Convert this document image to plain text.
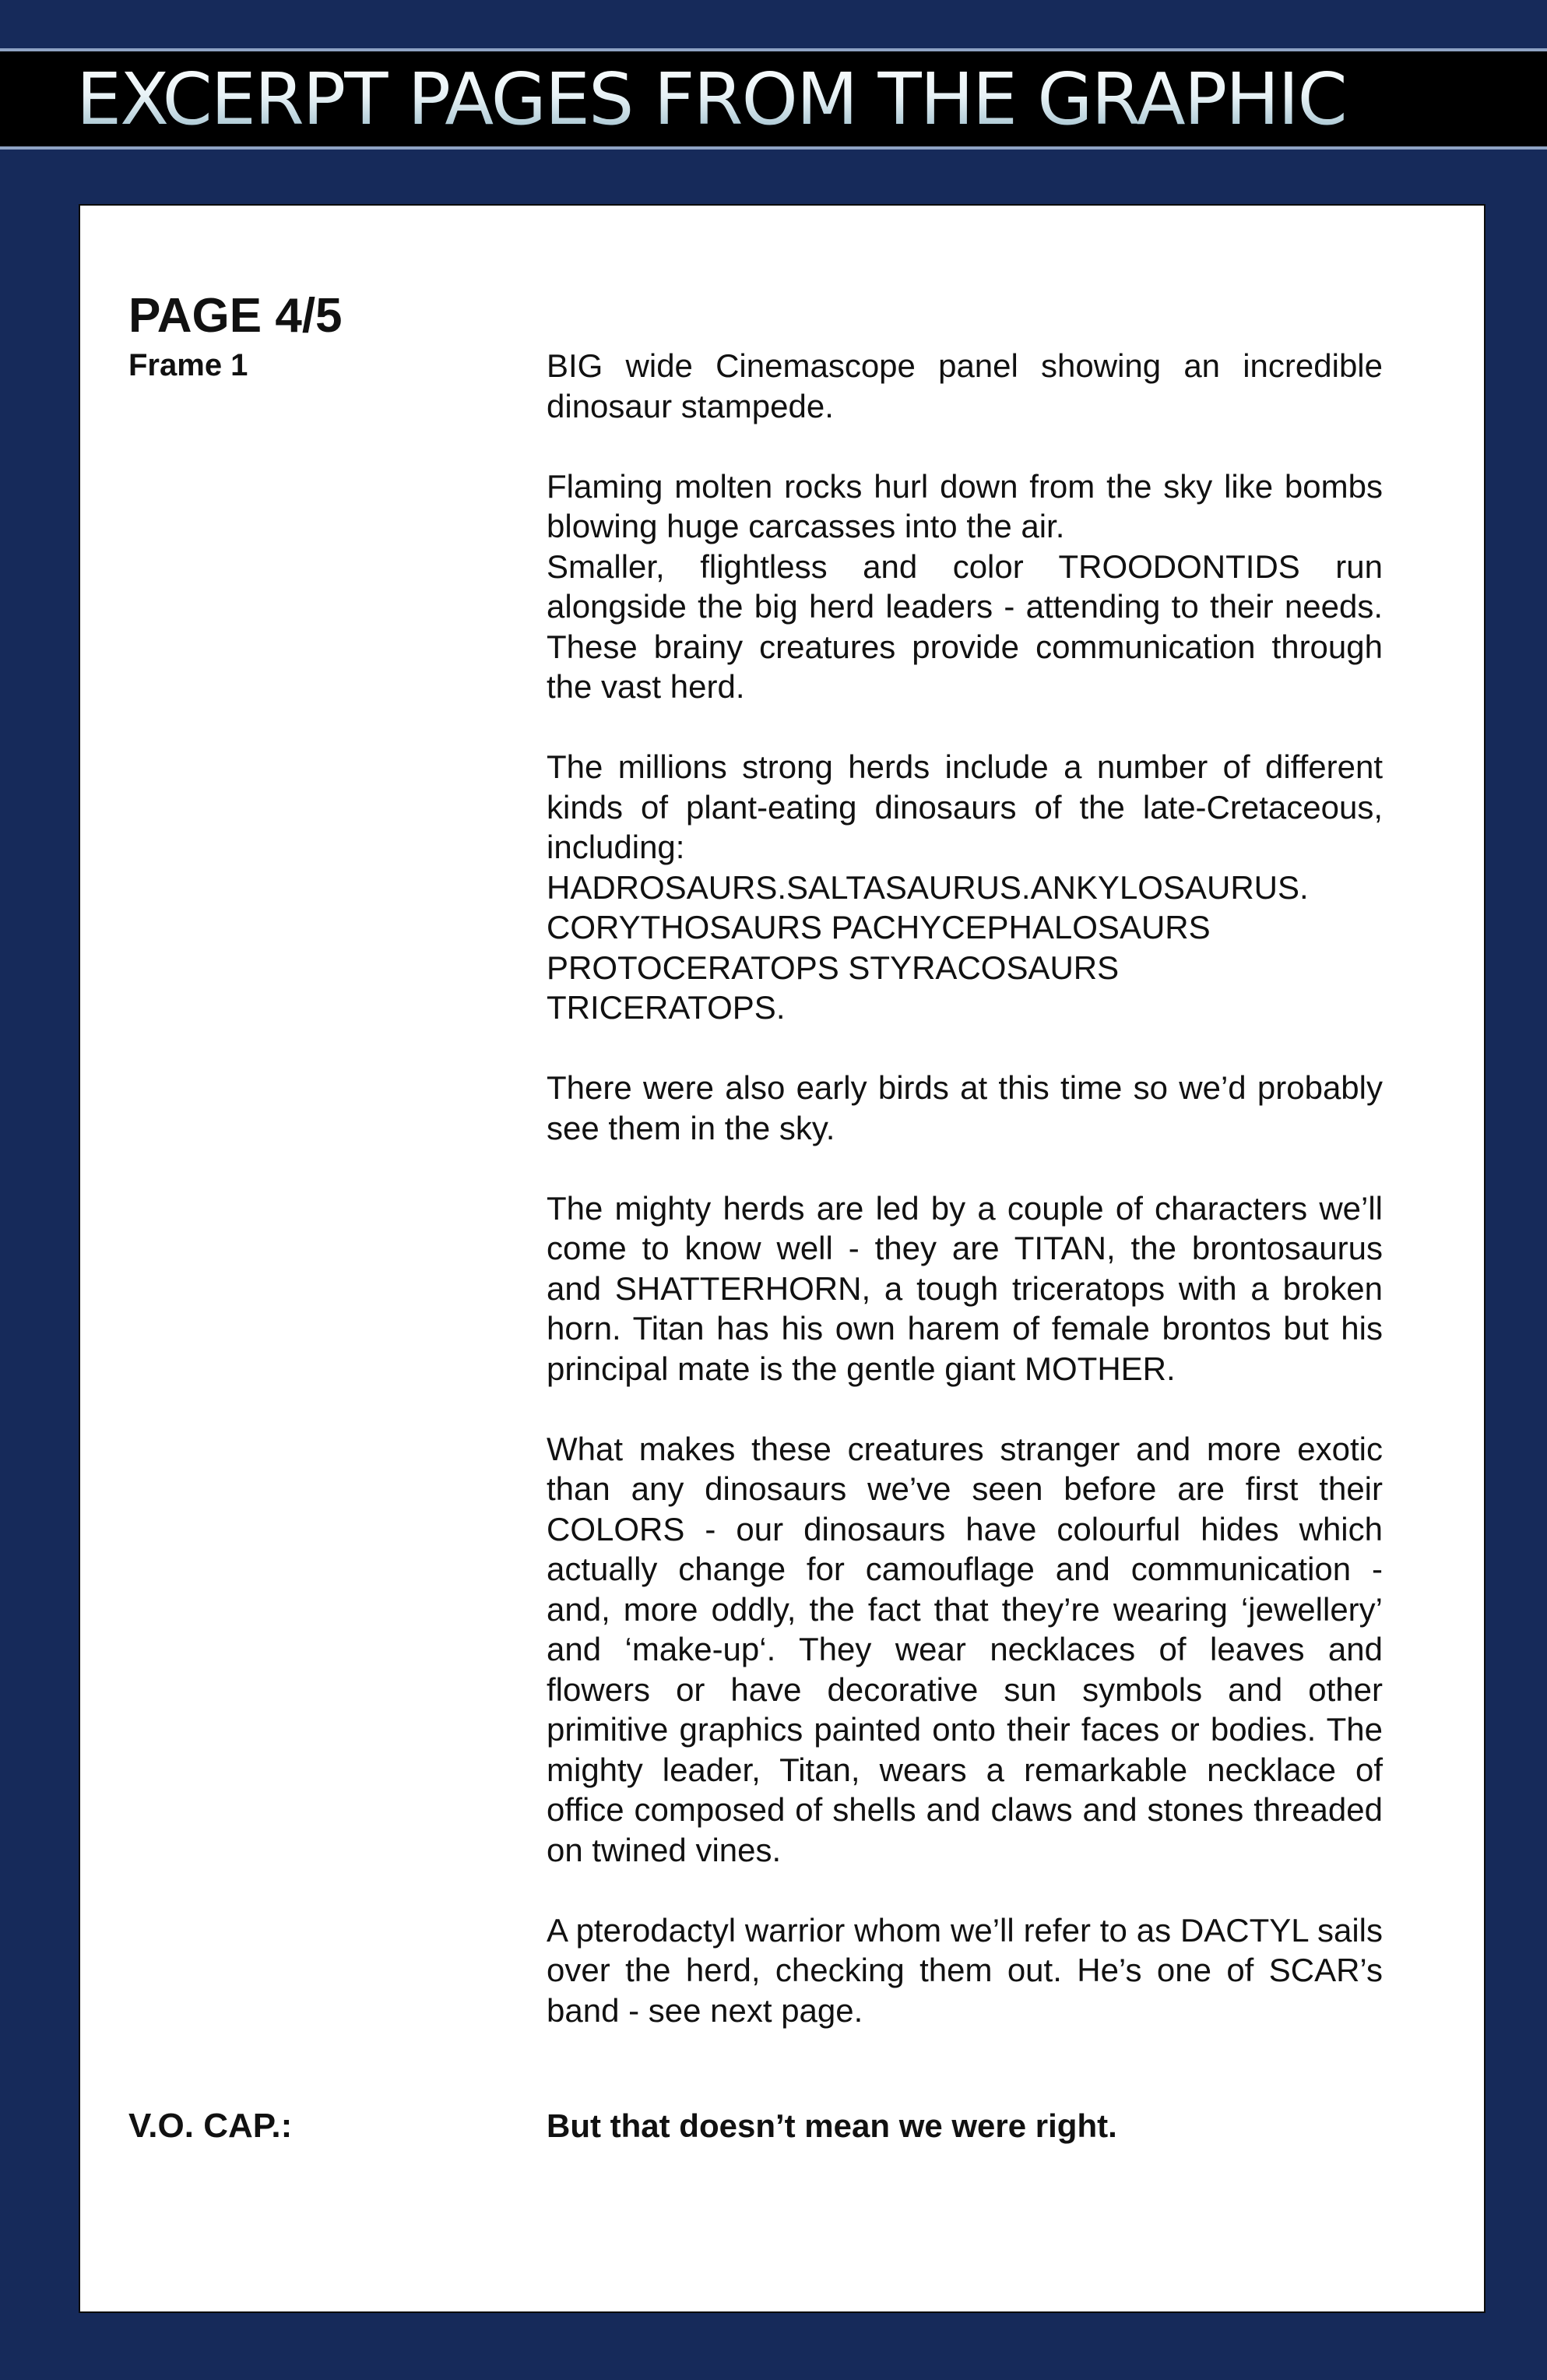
EXCERPT PAGES FROM THE GRAPHIC
PAGE 4/5
Frame 1	BIG wide Cinemascope panel showing an incredible dinosaur stampede.

Flaming molten rocks hurl down from the sky like bombs blowing huge carcasses into the air.
Smaller, flightless and color TROODONTIDS run alongside the big herd leaders - attending to their needs. These brainy creatures provide communication through the vast herd.

The millions strong herds include a number of different kinds of plant-eating dinosaurs of the late-Cretaceous, including:
HADROSAURS.SALTASAURUS.ANKYLOSAURUS.
CORYTHOSAURS PACHYCEPHALOSAURS
PROTOCERATOPS STYRACOSAURS
TRICERATOPS.

There were also early birds at this time so we’d probably see them in the sky.

The mighty herds are led by a couple of characters we’ll come to know well - they are TITAN, the brontosaurus and SHATTERHORN, a tough triceratops with a broken horn. Titan has his own harem of female brontos but his principal mate is the gentle giant MOTHER.

What makes these creatures stranger and more exotic than any dinosaurs we’ve seen before are first their COLORS - our dinosaurs have colourful hides which actually change for camouflage and communication - and, more oddly, the fact that they’re wearing ‘jewellery’ and ‘make-up‘. They wear necklaces of leaves and flowers or have decorative sun symbols and other primitive graphics painted onto their faces or bodies. The mighty leader, Titan, wears a remarkable necklace of office composed of shells and claws and stones threaded on twined vines.

A pterodactyl warrior whom we’ll refer to as DACTYL sails over the herd, checking them out. He’s one of SCAR’s band - see next page.

V.O. CAP.:	But that doesn’t mean we were right.
